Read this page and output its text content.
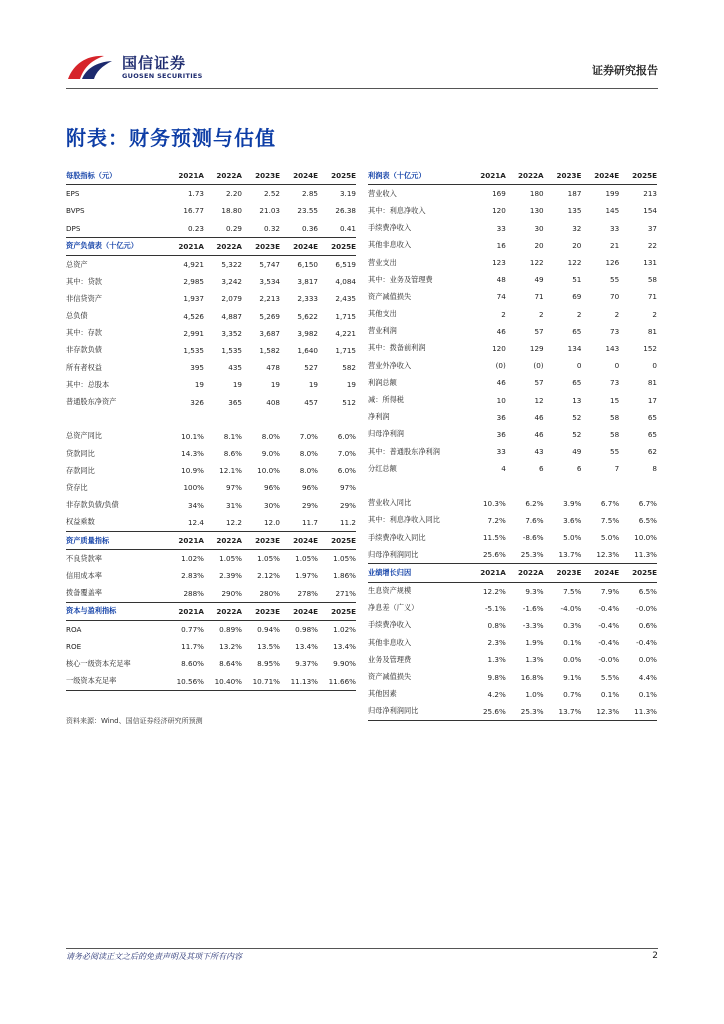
国信证券
GUOSEN SECURITIES	证券研究报告
附表：财务预测与估值
每股指标（元）	2021A	2022A	2023E	2024E	2025E
EPS	1.73	2.20	2.52	2.85	3.19
BVPS	16.77	18.80	21.03	23.55	26.38
DPS	0.23	0.29	0.32	0.36	0.41
资产负债表（十亿元）	2021A	2022A	2023E	2024E	2025E
总资产	4,921	5,322	5,747	6,150	6,519
其中：贷款	2,985	3,242	3,534	3,817	4,084
非信贷资产	1,937	2,079	2,213	2,333	2,435
总负债	4,526	4,887	5,269	5,622	1,715
其中：存款	2,991	3,352	3,687	3,982	4,221
非存款负债	1,535	1,535	1,582	1,640	1,715
所有者权益	395	435	478	527	582
其中：总股本	19	19	19	19	19
普通股东净资产	326	365	408	457	512

总资产同比	10.1%	8.1%	8.0%	7.0%	6.0%
贷款同比	14.3%	8.6%	9.0%	8.0%	7.0%
存款同比	10.9%	12.1%	10.0%	8.0%	6.0%
贷存比	100%	97%	96%	96%	97%
非存款负债/负债	34%	31%	30%	29%	29%
权益乘数	12.4	12.2	12.0	11.7	11.2
资产质量指标	2021A	2022A	2023E	2024E	2025E
不良贷款率	1.02%	1.05%	1.05%	1.05%	1.05%
信用成本率	2.83%	2.39%	2.12%	1.97%	1.86%
拨备覆盖率	288%	290%	280%	278%	271%
资本与盈利指标	2021A	2022A	2023E	2024E	2025E
ROA	0.77%	0.89%	0.94%	0.98%	1.02%
ROE	11.7%	13.2%	13.5%	13.4%	13.4%
核心一级资本充足率	8.60%	8.64%	8.95%	9.37%	9.90%
一级资本充足率	10.56%	10.40%	10.71%	11.13%	11.66%
利润表（十亿元）	2021A	2022A	2023E	2024E	2025E
营业收入	169	180	187	199	213
其中：利息净收入	120	130	135	145	154
手续费净收入	33	30	32	33	37
其他非息收入	16	20	20	21	22
营业支出	123	122	122	126	131
其中：业务及管理费	48	49	51	55	58
资产减值损失	74	71	69	70	71
其他支出	2	2	2	2	2
营业利润	46	57	65	73	81
其中：拨备前利润	120	129	134	143	152
营业外净收入	(0)	(0)	0	0	0
利润总额	46	57	65	73	81
减：所得税	10	12	13	15	17
净利润	36	46	52	58	65
归母净利润	36	46	52	58	65
其中：普通股东净利润	33	43	49	55	62
分红总额	4	6	6	7	8

营业收入同比	10.3%	6.2%	3.9%	6.7%	6.7%
其中：利息净收入同比	7.2%	7.6%	3.6%	7.5%	6.5%
手续费净收入同比	11.5%	-8.6%	5.0%	5.0%	10.0%
归母净利润同比	25.6%	25.3%	13.7%	12.3%	11.3%
业绩增长归因	2021A	2022A	2023E	2024E	2025E
生息资产规模	12.2%	9.3%	7.5%	7.9%	6.5%
净息差（广义）	-5.1%	-1.6%	-4.0%	-0.4%	-0.0%
手续费净收入	0.8%	-3.3%	0.3%	-0.4%	0.6%
其他非息收入	2.3%	1.9%	0.1%	-0.4%	-0.4%
业务及管理费	1.3%	1.3%	0.0%	-0.0%	0.0%
资产减值损失	9.8%	16.8%	9.1%	5.5%	4.4%
其他因素	4.2%	1.0%	0.7%	0.1%	0.1%
归母净利润同比	25.6%	25.3%	13.7%	12.3%	11.3%
资料来源：Wind、国信证券经济研究所预测
请务必阅读正文之后的免责声明及其项下所有内容	2
